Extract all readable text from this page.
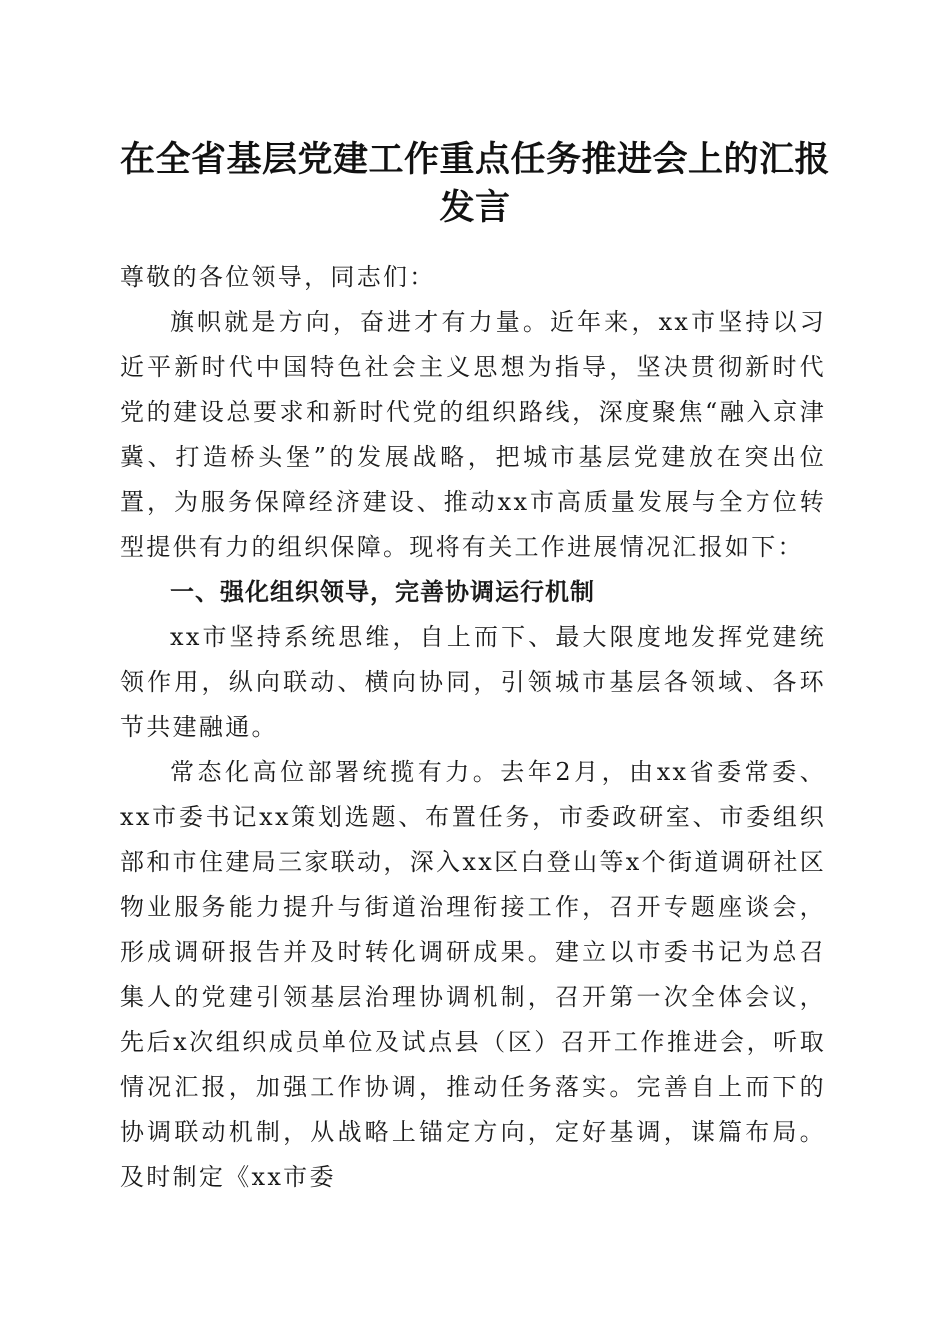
在全省基层党建工作重点任务推进会上的汇报
发言

尊敬的各位领导，同志们：

旗帜就是方向，奋进才有力量。近年来，xx市坚持以习近平新时代中国特色社会主义思想为指导，坚决贯彻新时代党的建设总要求和新时代党的组织路线，深度聚焦“融入京津冀、打造桥头堡”的发展战略，把城市基层党建放在突出位置，为服务保障经济建设、推动xx市高质量发展与全方位转型提供有力的组织保障。现将有关工作进展情况汇报如下：

一、强化组织领导，完善协调运行机制

xx市坚持系统思维，自上而下、最大限度地发挥党建统领作用，纵向联动、横向协同，引领城市基层各领域、各环节共建融通。

常态化高位部署统揽有力。去年2月，由xx省委常委、xx市委书记xx策划选题、布置任务，市委政研室、市委组织部和市住建局三家联动，深入xx区白登山等x个街道调研社区物业服务能力提升与街道治理衔接工作，召开专题座谈会，形成调研报告并及时转化调研成果。建立以市委书记为总召集人的党建引领基层治理协调机制，召开第一次全体会议，先后x次组织成员单位及试点县（区）召开工作推进会，听取情况汇报，加强工作协调，推动任务落实。完善自上而下的协调联动机制，从战略上锚定方向，定好基调，谋篇布局。及时制定《xx市委
